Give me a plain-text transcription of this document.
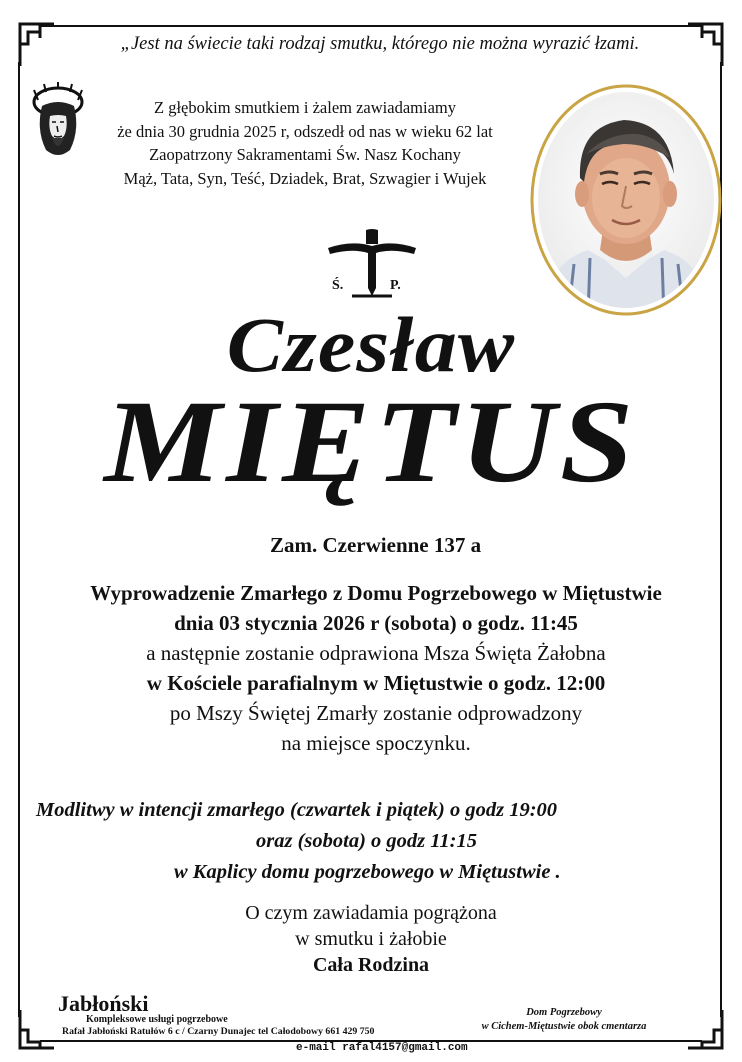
„Jest na świecie taki rodzaj smutku, którego nie można wyrazić łzami.
Z głębokim smutkiem i żalem zawiadamiamy
że dnia 30 grudnia 2025 r, odszedł od nas w wieku 62 lat
Zaopatrzony Sakramentami Św. Nasz Kochany
Mąż, Tata, Syn, Teść, Dziadek, Brat, Szwagier i Wujek
Ś.	P.
Czesław
MIĘTUS
Zam. Czerwienne 137 a
Wyprowadzenie Zmarłego z Domu Pogrzebowego w Miętustwie
dnia 03 stycznia 2026 r (sobota) o godz. 11:45
a następnie zostanie odprawiona Msza Święta Żałobna
w Kościele parafialnym w Miętustwie o godz. 12:00
po Mszy Świętej Zmarły zostanie odprowadzony
na miejsce spoczynku.
Modlitwy w intencji zmarłego (czwartek i piątek) o godz 19:00
oraz (sobota) o godz 11:15
w Kaplicy domu pogrzebowego w Miętustwie .
O czym zawiadamia pogrążona
w smutku i żałobie
Cała Rodzina
Jabłoński
Kompleksowe usługi pogrzebowe
Rafał Jabłoński Ratułów 6 c / Czarny Dunajec tel Całodobowy 661 429 750
Dom Pogrzebowy
w Cichem-Miętustwie obok cmentarza
e-mail rafal4157@gmail.com
